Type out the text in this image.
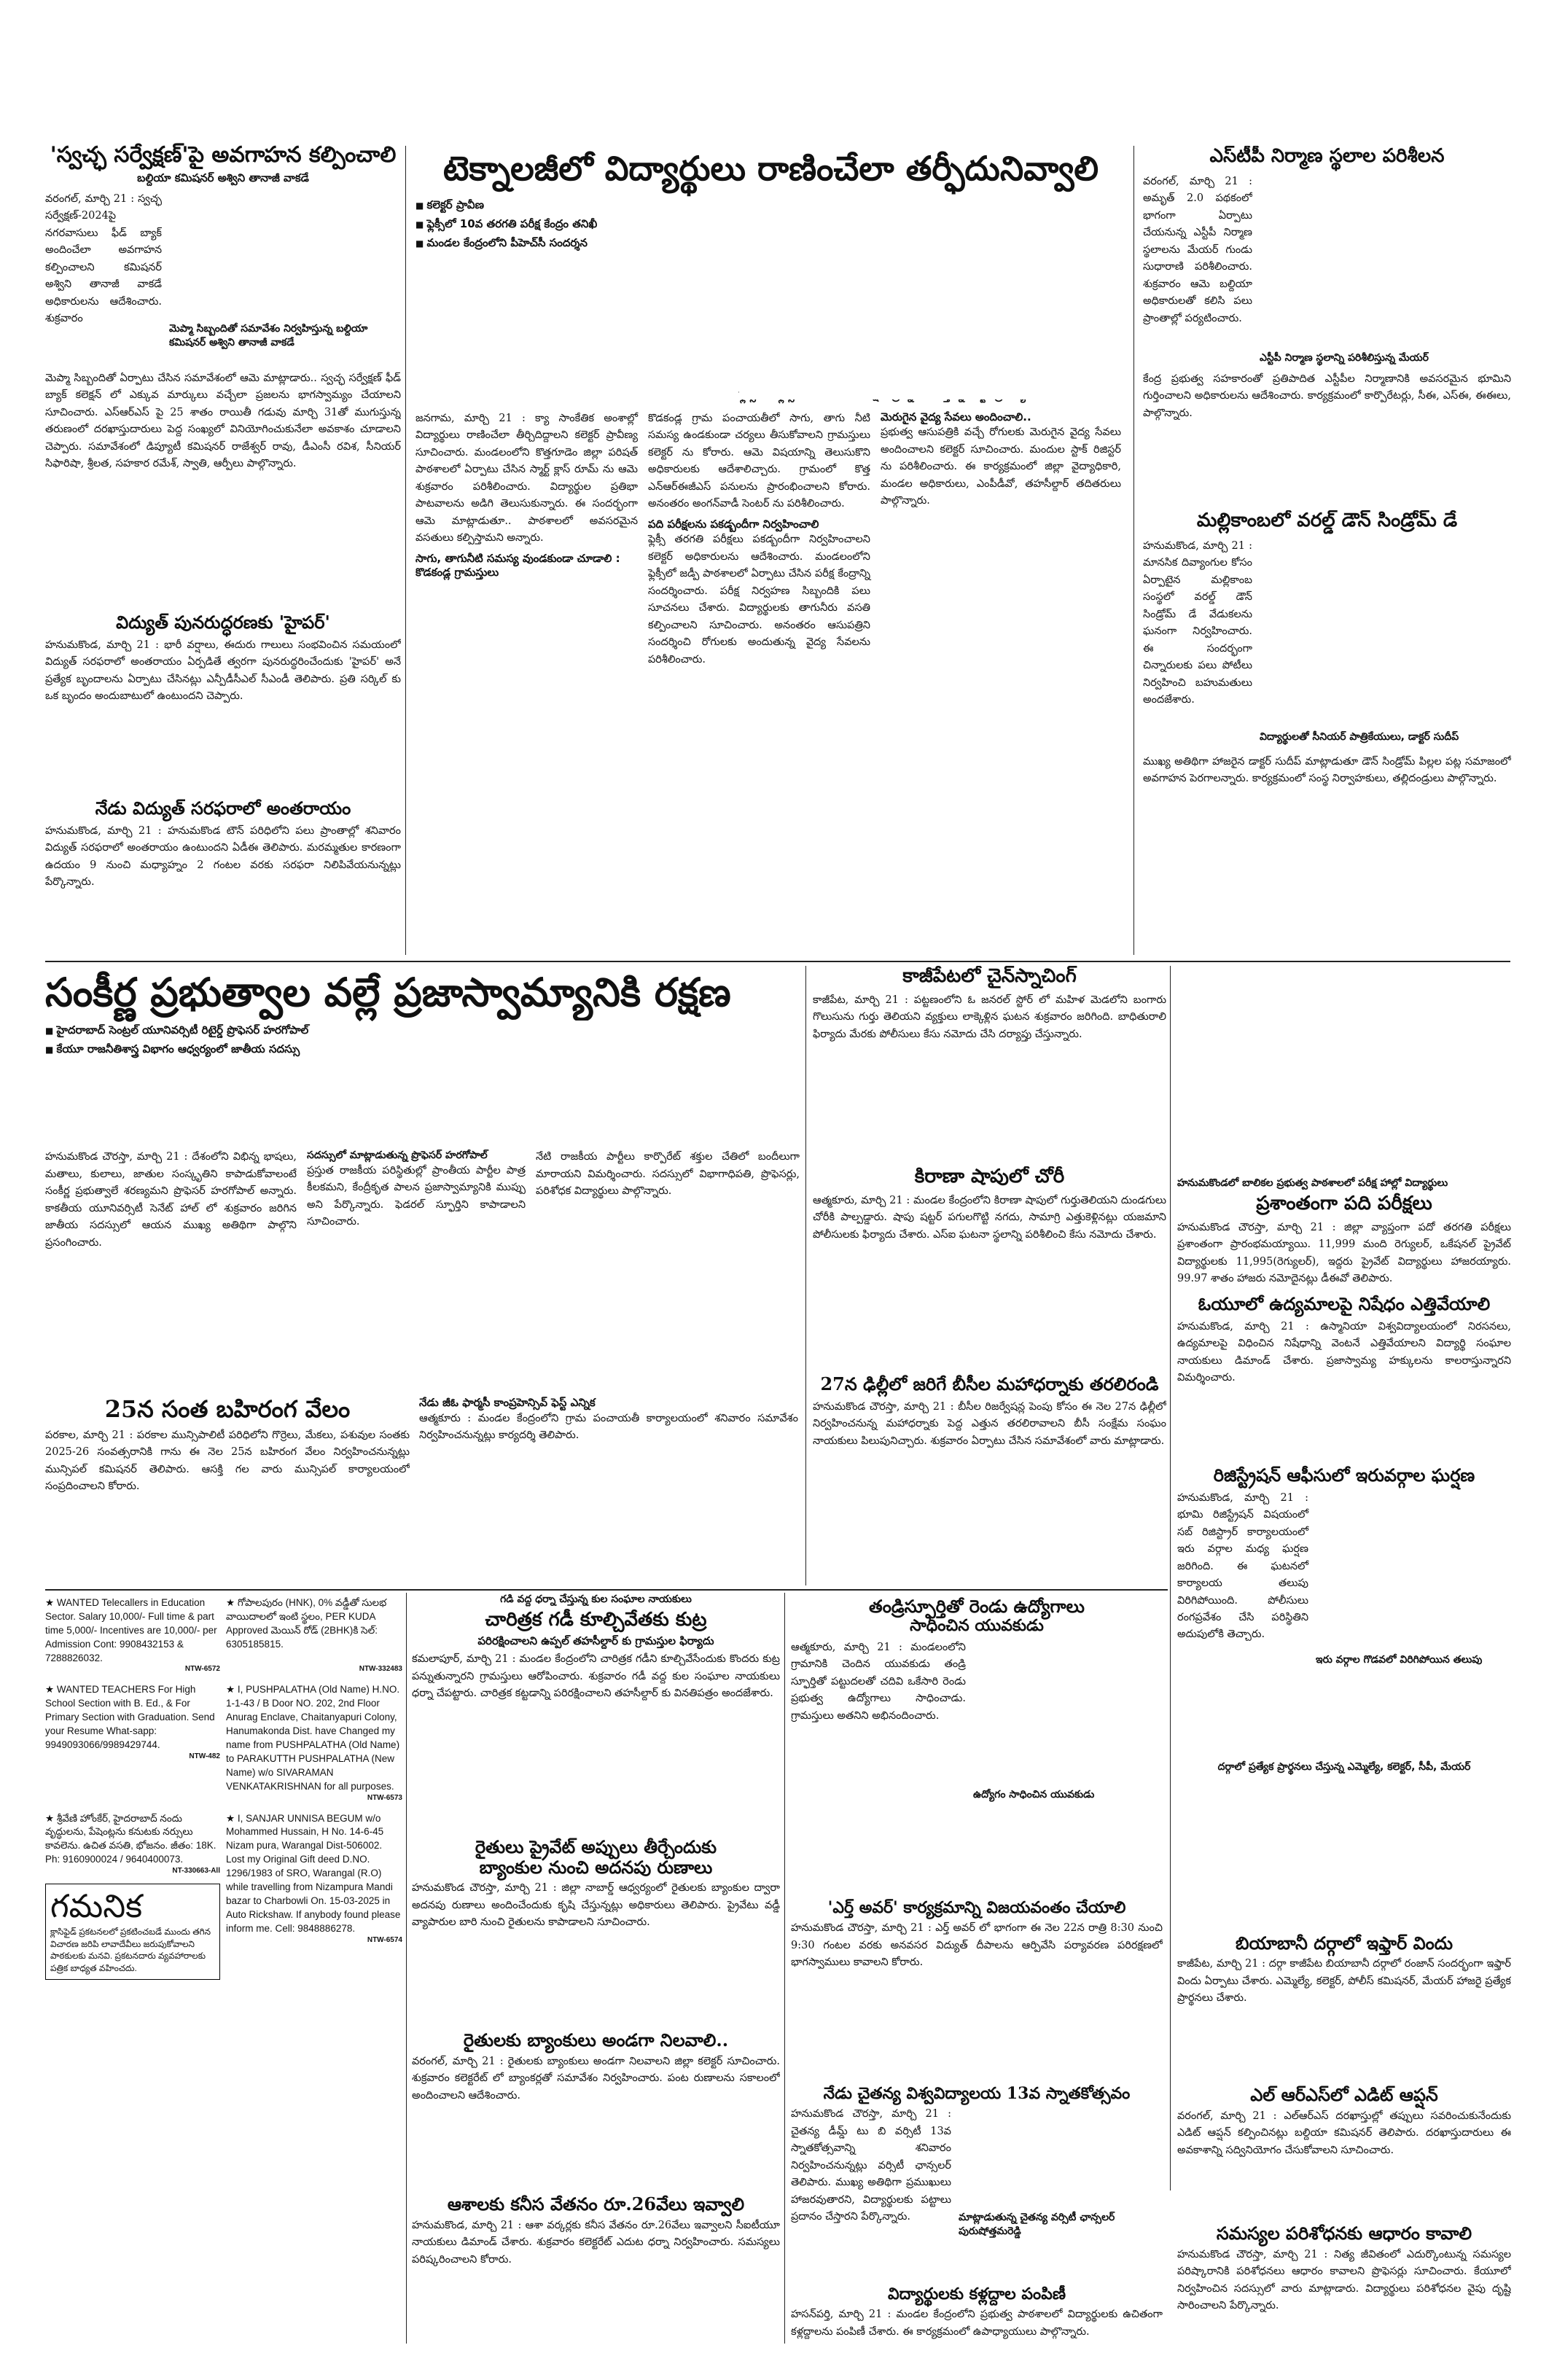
'స్వచ్ఛ సర్వేక్షణ్'పై అవగాహన కల్పించాలి
బల్దియా కమిషనర్ అశ్విని తానాజీ వాకడే
వరంగల్, మార్చి 21 : స్వచ్ఛ సర్వేక్షణ్-2024పై నగరవాసులు ఫీడ్ బ్యాక్ అందించేలా అవగాహన కల్పించాలని కమిషనర్ అశ్విని తానాజీ వాకడే అధికారులను ఆదేశించారు. శుక్రవారం
మెప్మా సిబ్బందితో సమావేశం నిర్వహిస్తున్న బల్దియా కమిషనర్ అశ్విని తానాజీ వాకడే
మెప్మా సిబ్బందితో ఏర్పాటు చేసిన సమావేశంలో ఆమె మాట్లాడారు.. స్వచ్ఛ సర్వేక్షణ్ ఫీడ్ బ్యాక్ కలెక్షన్ లో ఎక్కువ మార్కులు వచ్చేలా ప్రజలను భాగస్వామ్యం చేయాలని సూచించారు. ఎస్ఆర్ఎస్ పై 25 శాతం రాయితీ గడువు మార్చి 31తో ముగుస్తున్న తరుణంలో దరఖాస్తుదారులు పెద్ద సంఖ్యలో వినియోగించుకునేలా అవకాశం చూడాలని చెప్పారు. సమావేశంలో డిప్యూటీ కమిషనర్ రాజేశ్వర్ రావు, డీఎంసీ రవిశ, సీనియర్ సిఫారిషా, శ్రీలత, సహకార రమేశ్, స్వాతి, ఆర్పీలు పాల్గొన్నారు.
విద్యుత్ పునరుద్ధరణకు 'హైపర్'
హనుమకొండ, మార్చి 21 : భారీ వర్షాలు, ఈదురు గాలులు సంభవించిన సమయంలో విద్యుత్ సరఫరాలో అంతరాయం ఏర్పడితే త్వరగా పునరుద్ధరించేందుకు 'హైపర్' అనే ప్రత్యేక బృందాలను ఏర్పాటు చేసినట్లు ఎన్పీడీసీఎల్ సీఎండీ తెలిపారు. ప్రతి సర్కిల్ కు ఒక బృందం అందుబాటులో ఉంటుందని చెప్పారు.
నేడు విద్యుత్ సరఫరాలో అంతరాయం
హనుమకొండ, మార్చి 21 : హనుమకొండ టౌన్ పరిధిలోని పలు ప్రాంతాల్లో శనివారం విద్యుత్ సరఫరాలో అంతరాయం ఉంటుందని ఏడీఈ తెలిపారు. మరమ్మతుల కారణంగా ఉదయం 9 నుంచి మధ్యాహ్నం 2 గంటల వరకు సరఫరా నిలిపివేయనున్నట్లు పేర్కొన్నారు.
టెక్నాలజీలో విద్యార్థులు రాణించేలా తర్ఫీదునివ్వాలి
■ కలెక్టర్ ప్రావీణ
■ ఫ్లెక్సీలో 10వ తరగతి పరీక్ష కేంద్రం తనిఖీ
■ మండల కేంద్రంలోని పీహెచ్‌సీ సందర్శన
జనగామ, మార్చి 21 : క్యా సాంకేతిక అంశాల్లో విద్యార్థులు రాణించేలా తీర్చిదిద్దాలని కలెక్టర్ ప్రావీణ్య సూచించారు. మండలంలోని కొత్తగూడెం జిల్లా పరిషత్ పాఠశాలలో ఏర్పాటు చేసిన స్మార్ట్ క్లాస్ రూమ్ ను ఆమె శుక్రవారం పరిశీలించారు. విద్యార్థుల ప్రతిభా పాటవాలను అడిగి తెలుసుకున్నారు. ఈ సందర్భంగా ఆమె మాట్లాడుతూ.. పాఠశాలలో అవసరమైన వసతులు కల్పిస్తామని అన్నారు.
సాగు, తాగునీటి సమస్య వుండకుండా చూడాలి :
కొడకండ్ల గ్రామస్తులు
కొడకండ్ల గ్రామ పంచాయతీలో సాగు, తాగు నీటి సమస్య ఉండకుండా చర్యలు తీసుకోవాలని గ్రామస్తులు కలెక్టర్ ను కోరారు. ఆమె విషయాన్ని తెలుసుకొని అధికారులకు ఆదేశాలిచ్చారు. గ్రామంలో కొత్త ఎన్ఆర్ఈజీఎస్ పనులను ప్రారంభించాలని కోరారు. అనంతరం అంగన్‌వాడీ సెంటర్ ను పరిశీలించారు.
పది పరీక్షలను పకడ్బందీగా నిర్వహించాలి
ఫ్లెక్సీ తరగతి పరీక్షలు పకడ్బందీగా నిర్వహించాలని కలెక్టర్ అధికారులను ఆదేశించారు. మండలంలోని ఫ్లెక్సీలో జడ్పీ పాఠశాలలో ఏర్పాటు చేసిన పరీక్ష కేంద్రాన్ని సందర్శించారు. పరీక్ష నిర్వహణ సిబ్బందికి పలు సూచనలు చేశారు. విద్యార్థులకు తాగునీరు వసతి కల్పించాలని సూచించారు. అనంతరం ఆసుపత్రిని సందర్శించి రోగులకు అందుతున్న వైద్య సేవలను పరిశీలించారు.
మెరుగైన వైద్య సేవలు అందించాలి..
ప్రభుత్వ ఆసుపత్రికి వచ్చే రోగులకు మెరుగైన వైద్య సేవలు అందించాలని కలెక్టర్ సూచించారు. మందుల స్టాక్ రిజిస్టర్ ను పరిశీలించారు. ఈ కార్యక్రమంలో జిల్లా వైద్యాధికారి, మండల అధికారులు, ఎంపీడీవో, తహసీల్దార్ తదితరులు పాల్గొన్నారు.
ఎస్‌టీపీ నిర్మాణ స్థలాల పరిశీలన
వరంగల్, మార్చి 21 : అమృత్ 2.0 పథకంలో భాగంగా ఏర్పాటు చేయనున్న ఎస్టీపీ నిర్మాణ స్థలాలను మేయర్ గుండు సుధారాణి పరిశీలించారు. శుక్రవారం ఆమె బల్దియా అధికారులతో కలిసి పలు ప్రాంతాల్లో పర్యటించారు.
ఎస్టీపీ నిర్మాణ స్థలాన్ని పరిశీలిస్తున్న మేయర్
కేంద్ర ప్రభుత్వ సహకారంతో ప్రతిపాదిత ఎస్టీపీల నిర్మాణానికి అవసరమైన భూమిని గుర్తించాలని అధికారులను ఆదేశించారు. కార్యక్రమంలో కార్పొరేటర్లు, సీఈ, ఎస్ఈ, ఈఈలు, పాల్గొన్నారు.
మల్లికాంబలో వరల్డ్ డౌన్ సిండ్రోమ్ డే
హనుమకొండ, మార్చి 21 : మానసిక దివ్యాంగుల కోసం ఏర్పాటైన మల్లికాంబ సంస్థలో వరల్డ్ డౌన్ సిండ్రోమ్ డే వేడుకలను ఘనంగా నిర్వహించారు. ఈ సందర్భంగా చిన్నారులకు పలు పోటీలు నిర్వహించి బహుమతులు అందజేశారు.
విద్యార్థులతో సీనియర్ పాత్రికేయులు, డాక్టర్ సుదీప్
ముఖ్య అతిథిగా హాజరైన డాక్టర్ సుదీప్ మాట్లాడుతూ డౌన్ సిండ్రోమ్ పిల్లల పట్ల సమాజంలో అవగాహన పెరగాలన్నారు. కార్యక్రమంలో సంస్థ నిర్వాహకులు, తల్లిదండ్రులు పాల్గొన్నారు.
సంకీర్ణ ప్రభుత్వాల వల్లే ప్రజాస్వామ్యానికి రక్షణ
■ హైదరాబాద్ సెంట్రల్ యూనివర్సిటీ రిటైర్డ్ ప్రొఫెసర్ హరగోపాల్
■ కేయూ రాజనీతిశాస్త్ర విభాగం ఆధ్వర్యంలో జాతీయ సదస్సు
హనుమకొండ చౌరస్తా, మార్చి 21 : దేశంలోని విభిన్న భాషలు, మతాలు, కులాలు, జాతుల సంస్కృతిని కాపాడుకోవాలంటే సంకీర్ణ ప్రభుత్వాలే శరణ్యమని ప్రొఫెసర్ హరగోపాల్ అన్నారు. కాకతీయ యూనివర్సిటీ సెనేట్ హాల్ లో శుక్రవారం జరిగిన జాతీయ సదస్సులో ఆయన ముఖ్య అతిథిగా పాల్గొని ప్రసంగించారు.
సదస్సులో మాట్లాడుతున్న ప్రొఫెసర్ హరగోపాల్
ప్రస్తుత రాజకీయ పరిస్థితుల్లో ప్రాంతీయ పార్టీల పాత్ర కీలకమని, కేంద్రీకృత పాలన ప్రజాస్వామ్యానికి ముప్పు అని పేర్కొన్నారు. ఫెడరల్ స్ఫూర్తిని కాపాడాలని సూచించారు.
నేటి రాజకీయ పార్టీలు కార్పొరేట్ శక్తుల చేతిలో బందీలుగా మారాయని విమర్శించారు. సదస్సులో విభాగాధిపతి, ప్రొఫెసర్లు, పరిశోధక విద్యార్థులు పాల్గొన్నారు.
25న సంత బహిరంగ వేలం
పరకాల, మార్చి 21 : పరకాల మున్సిపాలిటీ పరిధిలోని గొర్రెలు, మేకలు, పశువుల సంతకు 2025-26 సంవత్సరానికి గాను ఈ నెల 25న బహిరంగ వేలం నిర్వహించనున్నట్లు మున్సిపల్ కమిషనర్ తెలిపారు. ఆసక్తి గల వారు మున్సిపల్ కార్యాలయంలో సంప్రదించాలని కోరారు.
నేడు జీఓ ఫార్మసీ కాంప్రహెన్సివ్ ఫెస్ట్ ఎన్నిక
ఆత్మకూరు : మండల కేంద్రంలోని గ్రామ పంచాయతీ కార్యాలయంలో శనివారం సమావేశం నిర్వహించనున్నట్లు కార్యదర్శి తెలిపారు.
కాజీపేటలో చైన్‌స్నాచింగ్
కాజీపేట, మార్చి 21 : పట్టణంలోని ఓ జనరల్ స్టోర్ లో మహిళ మెడలోని బంగారు గొలుసును గుర్తు తెలియని వ్యక్తులు లాక్కెళ్లిన ఘటన శుక్రవారం జరిగింది. బాధితురాలి ఫిర్యాదు మేరకు పోలీసులు కేసు నమోదు చేసి దర్యాప్తు చేస్తున్నారు.
కిరాణా షాపులో చోరీ
ఆత్మకూరు, మార్చి 21 : మండల కేంద్రంలోని కిరాణా షాపులో గుర్తుతెలియని దుండగులు చోరీకి పాల్పడ్డారు. షాపు షట్టర్ పగులగొట్టి నగదు, సామాగ్రి ఎత్తుకెళ్లినట్లు యజమాని పోలీసులకు ఫిర్యాదు చేశారు. ఎస్ఐ ఘటనా స్థలాన్ని పరిశీలించి కేసు నమోదు చేశారు.
27న ఢిల్లీలో జరిగే బీసీల మహాధర్నాకు తరలిరండి
హనుమకొండ చౌరస్తా, మార్చి 21 : బీసీల రిజర్వేషన్ల పెంపు కోసం ఈ నెల 27న ఢిల్లీలో నిర్వహించనున్న మహాధర్నాకు పెద్ద ఎత్తున తరలిరావాలని బీసీ సంక్షేమ సంఘం నాయకులు పిలుపునిచ్చారు. శుక్రవారం ఏర్పాటు చేసిన సమావేశంలో వారు మాట్లాడారు.
హనుమకొండలో బాలికల ప్రభుత్వ పాఠశాలలో పరీక్ష హాల్లో విద్యార్థులు
ప్రశాంతంగా పది పరీక్షలు
హనుమకొండ చౌరస్తా, మార్చి 21 : జిల్లా వ్యాప్తంగా పదో తరగతి పరీక్షలు ప్రశాంతంగా ప్రారంభమయ్యాయి. 11,999 మంది రెగ్యులర్, ఒకేషనల్ ప్రైవేట్ విద్యార్థులకు 11,995(రెగ్యులర్), ఇద్దరు ప్రైవేట్ విద్యార్థులు హాజరయ్యారు. 99.97 శాతం హాజరు నమోదైనట్లు డీఈవో తెలిపారు.
ఓయూలో ఉద్యమాలపై నిషేధం ఎత్తివేయాలి
హనుమకొండ, మార్చి 21 : ఉస్మానియా విశ్వవిద్యాలయంలో నిరసనలు, ఉద్యమాలపై విధించిన నిషేధాన్ని వెంటనే ఎత్తివేయాలని విద్యార్థి సంఘాల నాయకులు డిమాండ్ చేశారు. ప్రజాస్వామ్య హక్కులను కాలరాస్తున్నారని విమర్శించారు.
రిజిస్ట్రేషన్ ఆఫీసులో ఇరువర్గాల ఘర్షణ
హనుమకొండ, మార్చి 21 : భూమి రిజిస్ట్రేషన్ విషయంలో సబ్ రిజిస్ట్రార్ కార్యాలయంలో ఇరు వర్గాల మధ్య ఘర్షణ జరిగింది. ఈ ఘటనలో కార్యాలయ తలుపు విరిగిపోయింది. పోలీసులు రంగప్రవేశం చేసి పరిస్థితిని అదుపులోకి తెచ్చారు.
ఇరు వర్గాల గొడవలో విరిగిపోయిన తలుపు
★ WANTED Telecallers in Education Sector. Salary 10,000/- Full time & part time 5,000/- Incentives are 10,000/- per Admission Cont: 9908432153 & 7288826032.
★ గోపాలపురం (HNK), 0% వడ్డీతో సులభ వాయిదాలలో ఇంటి స్థలం, PER KUDA Approved మెయిన్ రోడ్ (2BHK)కి సెల్: 6305185815.
NTW-6572	NTW-332483
★ WANTED TEACHERS For High School Section with B. Ed., & For Primary Section with Graduation. Send your Resume What-sapp: 9949093066/9989429744.
NTW-482
★ I, PUSHPALATHA (Old Name) H.NO. 1-1-43 / B Door NO. 202, 2nd Floor Anurag Enclave, Chaitanyapuri Colony, Hanumakonda Dist. have Changed my name from PUSHPALATHA (Old Name) to PARAKUTTH PUSHPALATHA (New Name) w/o SIVARAMAN VENKATAKRISHNAN for all purposes.
NTW-6573
★ శ్రీవేణి హోంకేర్, హైదరాబాద్ నందు వృద్ధులను, పేషెంట్లను కనుటకు నర్సులు కావలెను. ఉచిత వసతి, భోజనం. జీతం: 18K. Ph: 9160900024 / 9640400073.
NT-330663-All
గమనిక
క్లాసిఫైడ్ ప్రకటనలలో ప్రకటించబడే ముందు తగిన విచారణ జరిపి లావాదేవీలు జరుపుకోవాలని పాఠకులకు మనవి. ప్రకటనదారు వ్యవహారాలకు పత్రిక బాధ్యత వహించదు.
★ I, SANJAR UNNISA BEGUM w/o Mohammed Hussain, H No. 14-6-45 Nizam pura, Warangal Dist-506002. Lost my Original Gift deed D.NO. 1296/1983 of SRO, Warangal (R.O) while travelling from Nizampura Mandi bazar to Charbowli On. 15-03-2025 in Auto Rickshaw. If anybody found please inform me. Cell: 9848886278.
NTW-6574
గడి వద్ద ధర్నా చేస్తున్న కుల సంఘాల నాయకులు
చారిత్రక గడీ కూల్చివేతకు కుట్ర
పరిరక్షించాలని ఉప్పల్ తహసీల్దార్ కు గ్రామస్తుల ఫిర్యాదు
కమలాపూర్, మార్చి 21 : మండల కేంద్రంలోని చారిత్రక గడీని కూల్చివేసేందుకు కొందరు కుట్ర పన్నుతున్నారని గ్రామస్తులు ఆరోపించారు. శుక్రవారం గడీ వద్ద కుల సంఘాల నాయకులు ధర్నా చేపట్టారు. చారిత్రక కట్టడాన్ని పరిరక్షించాలని తహసీల్దార్ కు వినతిపత్రం అందజేశారు.
రైతులు ప్రైవేట్ అప్పులు తీర్చేందుకు
బ్యాంకుల నుంచి అదనపు రుణాలు
హనుమకొండ చౌరస్తా, మార్చి 21 : జిల్లా నాబార్డ్ ఆధ్వర్యంలో రైతులకు బ్యాంకుల ద్వారా అదనపు రుణాలు అందించేందుకు కృషి చేస్తున్నట్లు అధికారులు తెలిపారు. ప్రైవేటు వడ్డీ వ్యాపారుల బారి నుంచి రైతులను కాపాడాలని సూచించారు.
రైతులకు బ్యాంకులు అండగా నిలవాలి..
వరంగల్, మార్చి 21 : రైతులకు బ్యాంకులు అండగా నిలవాలని జిల్లా కలెక్టర్ సూచించారు. శుక్రవారం కలెక్టరేట్ లో బ్యాంకర్లతో సమావేశం నిర్వహించారు. పంట రుణాలను సకాలంలో అందించాలని ఆదేశించారు.
ఆశాలకు కనీస వేతనం రూ.26వేలు ఇవ్వాలి
హనుమకొండ, మార్చి 21 : ఆశా వర్కర్లకు కనీస వేతనం రూ.26వేలు ఇవ్వాలని సీఐటీయూ నాయకులు డిమాండ్ చేశారు. శుక్రవారం కలెక్టరేట్ ఎదుట ధర్నా నిర్వహించారు. సమస్యలు పరిష్కరించాలని కోరారు.
తండ్రిస్ఫూర్తితో రెండు ఉద్యోగాలు
సాధించిన యువకుడు
ఆత్మకూరు, మార్చి 21 : మండలంలోని గ్రామానికి చెందిన యువకుడు తండ్రి స్ఫూర్తితో పట్టుదలతో చదివి ఒకేసారి రెండు ప్రభుత్వ ఉద్యోగాలు సాధించాడు. గ్రామస్తులు అతనిని అభినందించారు.
ఉద్యోగం సాధించిన యువకుడు
'ఎర్త్ అవర్' కార్యక్రమాన్ని విజయవంతం చేయాలి
హనుమకొండ చౌరస్తా, మార్చి 21 : ఎర్త్ అవర్ లో భాగంగా ఈ నెల 22న రాత్రి 8:30 నుంచి 9:30 గంటల వరకు అనవసర విద్యుత్ దీపాలను ఆర్పివేసి పర్యావరణ పరిరక్షణలో భాగస్వాములు కావాలని కోరారు.
నేడు చైతన్య విశ్వవిద్యాలయ 13వ స్నాతకోత్సవం
హనుమకొండ చౌరస్తా, మార్చి 21 : చైతన్య డీమ్డ్ టు బి వర్సిటీ 13వ స్నాతకోత్సవాన్ని శనివారం నిర్వహించనున్నట్లు వర్సిటీ ఛాన్సలర్ తెలిపారు. ముఖ్య అతిథిగా ప్రముఖులు హాజరవుతారని, విద్యార్థులకు పట్టాలు ప్రదానం చేస్తారని పేర్కొన్నారు.	మాట్లాడుతున్న చైతన్య వర్సిటీ ఛాన్సలర్ పురుషోత్తమరెడ్డి
విద్యార్థులకు కళ్లద్దాల పంపిణీ
హసన్‌పర్తి, మార్చి 21 : మండల కేంద్రంలోని ప్రభుత్వ పాఠశాలలో విద్యార్థులకు ఉచితంగా కళ్లద్దాలను పంపిణీ చేశారు. ఈ కార్యక్రమంలో ఉపాధ్యాయులు పాల్గొన్నారు.
దర్గాలో ప్రత్యేక ప్రార్థనలు చేస్తున్న ఎమ్మెల్యే, కలెక్టర్, సీపీ, మేయర్
బియాబానీ దర్గాలో ఇఫ్తార్ విందు
కాజీపేట, మార్చి 21 : దర్గా కాజీపేట బియాబానీ దర్గాలో రంజాన్ సందర్భంగా ఇఫ్తార్ విందు ఏర్పాటు చేశారు. ఎమ్మెల్యే, కలెక్టర్, పోలీస్ కమిషనర్, మేయర్ హాజరై ప్రత్యేక ప్రార్థనలు చేశారు.
ఎల్ ఆర్ఎస్‌లో ఎడిట్ ఆప్షన్
వరంగల్, మార్చి 21 : ఎల్ఆర్ఎస్ దరఖాస్తుల్లో తప్పులు సవరించుకునేందుకు ఎడిట్ ఆప్షన్ కల్పించినట్లు బల్దియా కమిషనర్ తెలిపారు. దరఖాస్తుదారులు ఈ అవకాశాన్ని సద్వినియోగం చేసుకోవాలని సూచించారు.
సమస్యల పరిశోధనకు ఆధారం కావాలి
హనుమకొండ చౌరస్తా, మార్చి 21 : నిత్య జీవితంలో ఎదుర్కొంటున్న సమస్యల పరిష్కారానికి పరిశోధనలు ఆధారం కావాలని ప్రొఫెసర్లు సూచించారు. కేయూలో నిర్వహించిన సదస్సులో వారు మాట్లాడారు. విద్యార్థులు పరిశోధనల వైపు దృష్టి సారించాలని పేర్కొన్నారు.
